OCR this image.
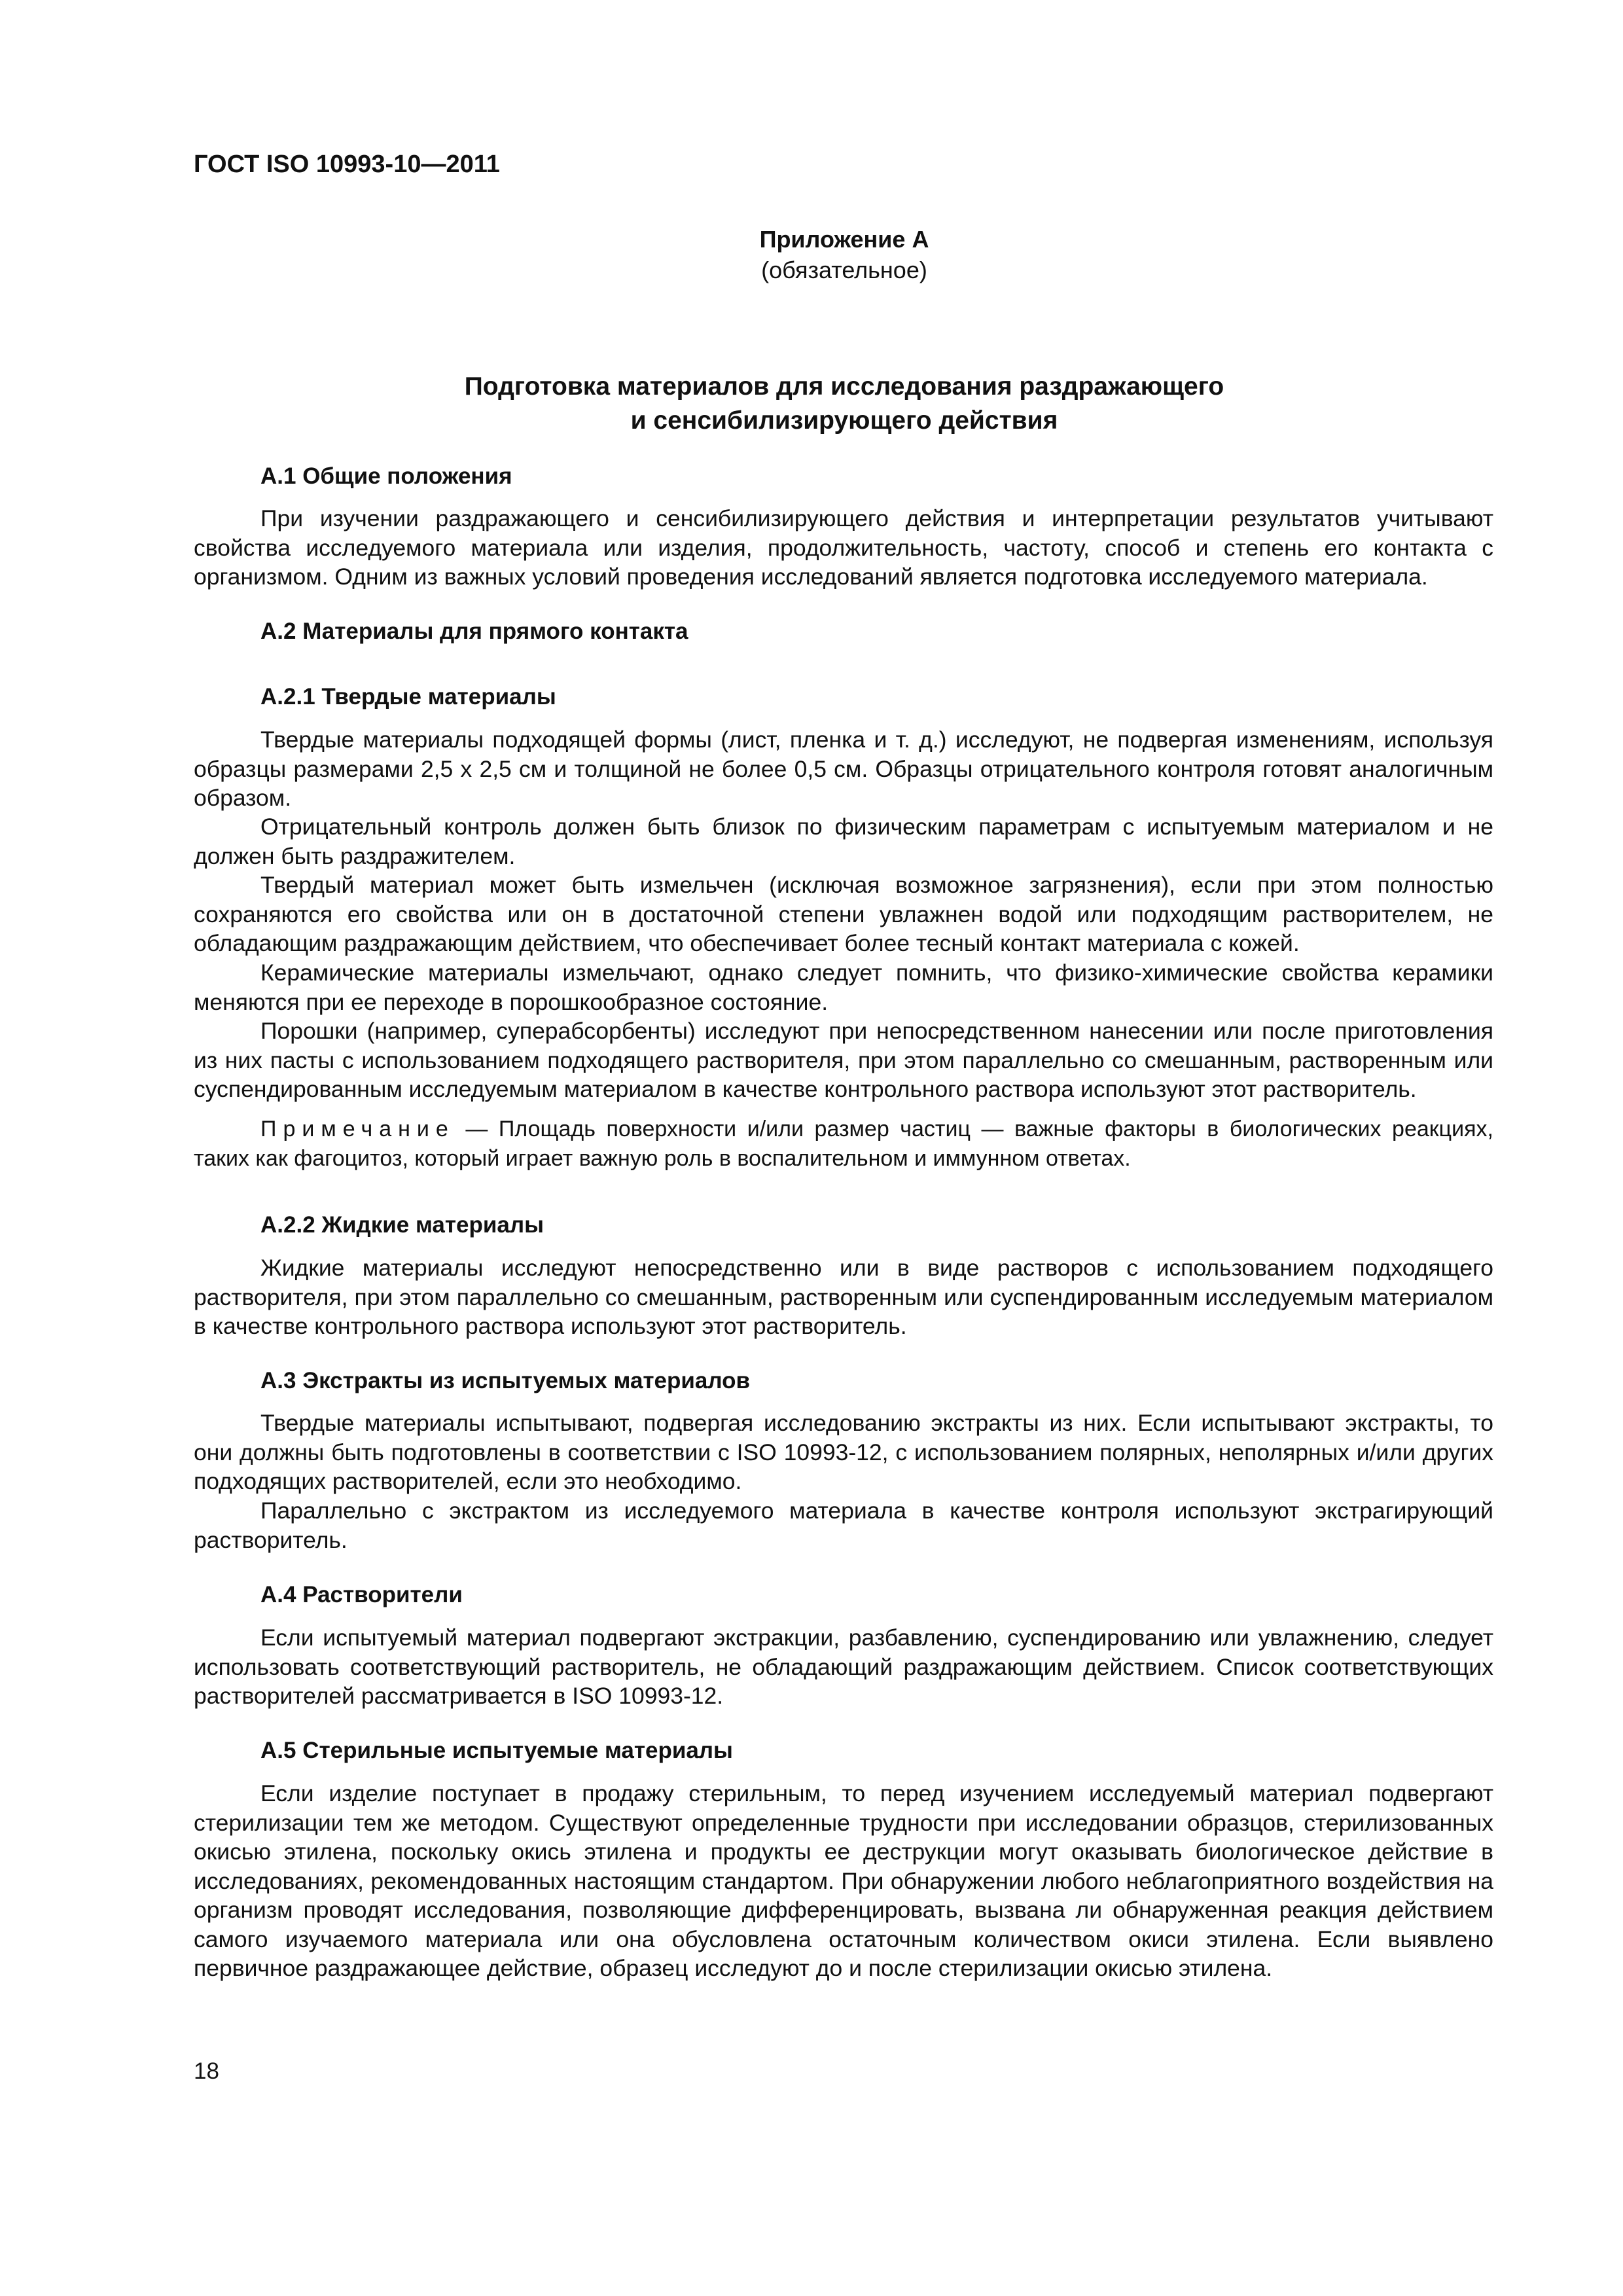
ГОСТ ISO 10993-10—2011
Приложение А
(обязательное)
Подготовка материалов для исследования раздражающего
и сенсибилизирующего действия
А.1 Общие положения

При изучении раздражающего и сенсибилизирующего действия и интерпретации результатов учитывают свойства исследуемого материала или изделия, продолжительность, частоту, способ и степень его контакта с организмом. Одним из важных условий проведения исследований является подготовка исследуемого материала.

А.2 Материалы для прямого контакта
А.2.1 Твердые материалы

Твердые материалы подходящей формы (лист, пленка и т. д.) исследуют, не подвергая изменениям, используя образцы размерами 2,5 х 2,5 см и толщиной не более 0,5 см. Образцы отрицательного контроля готовят аналогичным образом.

Отрицательный контроль должен быть близок по физическим параметрам с испытуемым материалом и не должен быть раздражителем.

Твердый материал может быть измельчен (исключая возможное загрязнения), если при этом полностью сохраняются его свойства или он в достаточной степени увлажнен водой или подходящим растворителем, не обладающим раздражающим действием, что обеспечивает более тесный контакт материала с кожей.

Керамические материалы измельчают, однако следует помнить, что физико-химические свойства керамики меняются при ее переходе в порошкообразное состояние.

Порошки (например, суперабсорбенты) исследуют при непосредственном нанесении или после приготовления из них пасты с использованием подходящего растворителя, при этом параллельно со смешанным, растворенным или суспендированным исследуемым материалом в качестве контрольного раствора используют этот растворитель.

Примечание — Площадь поверхности и/или размер частиц — важные факторы в биологических реакциях, таких как фагоцитоз, который играет важную роль в воспалительном и иммунном ответах.

А.2.2 Жидкие материалы

Жидкие материалы исследуют непосредственно или в виде растворов с использованием подходящего растворителя, при этом параллельно со смешанным, растворенным или суспендированным исследуемым материалом в качестве контрольного раствора используют этот растворитель.

А.3 Экстракты из испытуемых материалов

Твердые материалы испытывают, подвергая исследованию экстракты из них. Если испытывают экстракты, то они должны быть подготовлены в соответствии с ISO 10993-12, с использованием полярных, неполярных и/или других подходящих растворителей, если это необходимо.

Параллельно с экстрактом из исследуемого материала в качестве контроля используют экстрагирующий растворитель.

А.4 Растворители

Если испытуемый материал подвергают экстракции, разбавлению, суспендированию или увлажнению, следует использовать соответствующий растворитель, не обладающий раздражающим действием. Список соответствующих растворителей рассматривается в ISO 10993-12.

А.5 Стерильные испытуемые материалы

Если изделие поступает в продажу стерильным, то перед изучением исследуемый материал подвергают стерилизации тем же методом. Существуют определенные трудности при исследовании образцов, стерилизованных окисью этилена, поскольку окись этилена и продукты ее деструкции могут оказывать биологическое действие в исследованиях, рекомендованных настоящим стандартом. При обнаружении любого неблагоприятного воздействия на организм проводят исследования, позволяющие дифференцировать, вызвана ли обнаруженная реакция действием самого изучаемого материала или она обусловлена остаточным количеством окиси этилена. Если выявлено первичное раздражающее действие, образец исследуют до и после стерилизации окисью этилена.

18
